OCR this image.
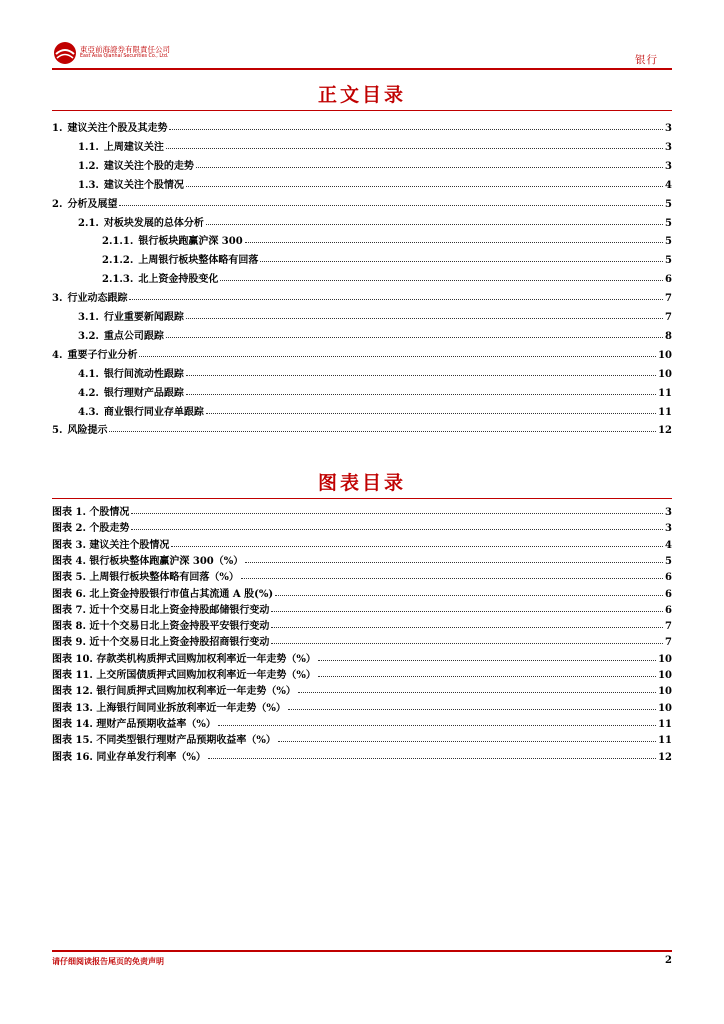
東亞前海證券有限責任公司
East Asia Qianhai Securities Co., Ltd.	银行
正文目录
1. 建议关注个股及其走势	3
1.1. 上周建议关注	3
1.2. 建议关注个股的走势	3
1.3. 建议关注个股情况	4
2. 分析及展望	5
2.1. 对板块发展的总体分析	5
2.1.1. 银行板块跑赢沪深 300	5
2.1.2. 上周银行板块整体略有回落	5
2.1.3. 北上资金持股变化	6
3. 行业动态跟踪	7
3.1. 行业重要新闻跟踪	7
3.2. 重点公司跟踪	8
4. 重要子行业分析	10
4.1. 银行间流动性跟踪	10
4.2. 银行理财产品跟踪	11
4.3. 商业银行同业存单跟踪	11
5. 风险提示	12
图表目录
图表 1. 个股情况	3
图表 2. 个股走势	3
图表 3. 建议关注个股情况	4
图表 4. 银行板块整体跑赢沪深 300（%）	5
图表 5. 上周银行板块整体略有回落（%）	6
图表 6. 北上资金持股银行市值占其流通 A 股(%)	6
图表 7. 近十个交易日北上资金持股邮储银行变动	6
图表 8. 近十个交易日北上资金持股平安银行变动	7
图表 9. 近十个交易日北上资金持股招商银行变动	7
图表 10. 存款类机构质押式回购加权利率近一年走势（%）	10
图表 11. 上交所国债质押式回购加权利率近一年走势（%）	10
图表 12. 银行间质押式回购加权利率近一年走势（%）	10
图表 13. 上海银行间同业拆放利率近一年走势（%）	10
图表 14. 理财产品预期收益率（%）	11
图表 15. 不同类型银行理财产品预期收益率（%）	11
图表 16. 同业存单发行利率（%）	12
请仔细阅读报告尾页的免责声明	2
